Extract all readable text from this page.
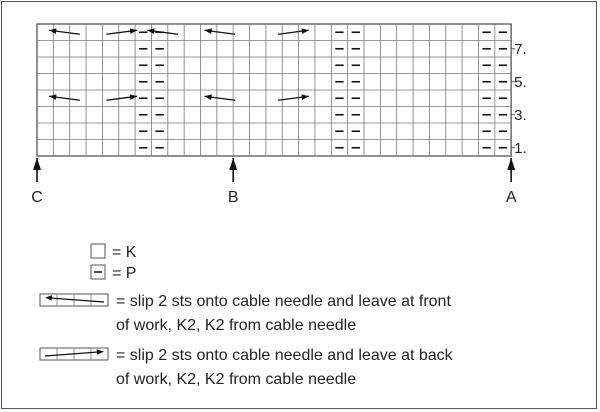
1.
3.
5.
7.
C	B	A
= K
= P
= slip 2 sts onto cable needle and leave at front
of work, K2, K2 from cable needle
= slip 2 sts onto cable needle and leave at back
of work, K2, K2 from cable needle
